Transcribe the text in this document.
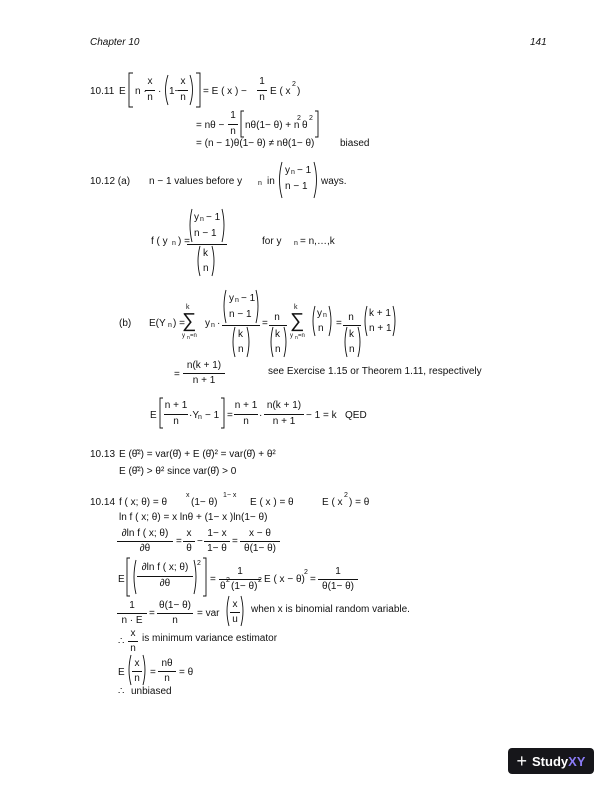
Chapter 10	141
10.11 E n ·
x
n
· 1−
x
n
= E ( x ) −
1
n
E ( x
2
)
= nθ −
1
n
nθ(1− θ) + n
2
θ
2
= (n − 1)θ(1− θ) ≠ nθ(1− θ)	biased
10.12 (a) n − 1 values before y n in
y n − 1
n − 1 ways.
f ( y n ) =
y n − 1
n − 1
k
n
for y n = n,…,k
(b) E(Y n ) =
k
∑
y n =n
y n ·
y n − 1
n − 1
k
n
=
n
k
n
k
∑
y n =n
y n
n =
n
k
n
k + 1
n + 1
=
n(k + 1)
n + 1
see Exercise 1.15 or Theorem 1.11, respectively
E
n + 1
n
·Y n − 1 =
n + 1
n
·
n(k + 1)
n + 1
− 1 = k QED
10.13 E (θ̂²) = var(θ̂) + E (θ̂)² = var(θ̂) + θ²
E (θ̂²) > θ² since var(θ̂) > 0
10.14 f ( x; θ) = θ
x
(1− θ)
1− x
E ( x ) = θ	E ( x
2
) = θ
ln f ( x; θ) = x lnθ + (1− x )ln(1− θ)
∂ln f ( x; θ)
∂θ
=
x
θ
−
1− x
1− θ
=
x − θ
θ(1− θ)
E
∂ln f ( x; θ)
∂θ
2
=
1
θ
2
(1− θ)
2 E ( x − θ)
2
=
1
θ(1− θ)
1
n · E
=
θ(1− θ)
n
= var
x
u
when x is binomial random variable.
∴
x
n
is minimum variance estimator
E
x
n
=
nθ
n
= θ
∴ unbiased
+ StudyXY
